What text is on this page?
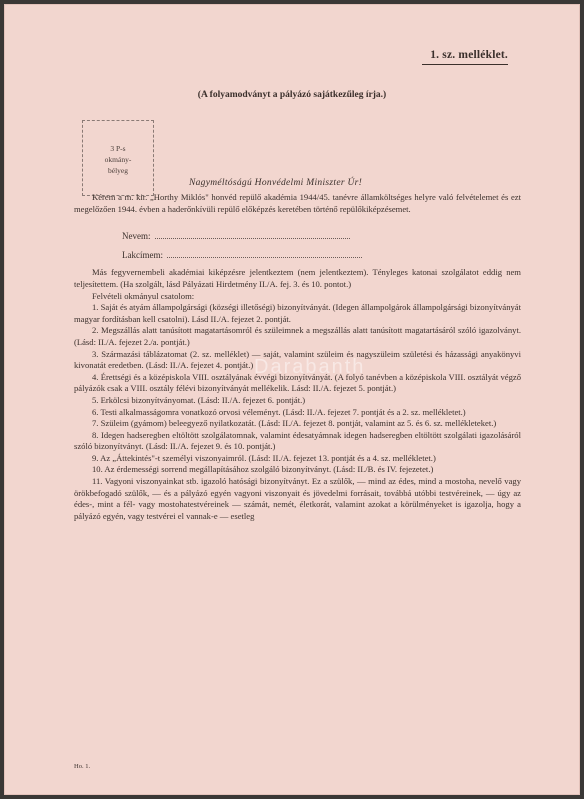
1. sz. melléklet.
(A folyamodványt a pályázó sajátkezűleg írja.)
3 P-s
okmány-
bélyeg
Nagyméltóságú Honvédelmi Miniszter Úr!

Kérem a m. kir. „Horthy Miklós" honvéd repülő akadémia 1944/45. tanévre államköltséges helyre való felvételemet és ezt megelőzően 1944. évben a haderőnkívüli repülő előképzés keretében történő repülőkiképzésemet.

Nevem:
Lakcímem:

Más fegyvernembeli akadémiai kiképzésre jelentkeztem (nem jelentkeztem). Tényleges katonai szolgálatot eddig nem teljesítettem. (Ha szolgált, lásd Pályázati Hirdetmény II./A. fej. 3. és 10. pontot.)

Felvételi okmányul csatolom:

1. Saját és atyám állampolgársági (községi illetőségi) bizonyítványát. (Idegen állampolgárok állampolgársági bizonyítványát magyar fordításban kell csatolni). Lásd II./A. fejezet 2. pontját.

2. Megszállás alatt tanúsított magatartásomról és szüleimnek a megszállás alatt tanúsított magatartásáról szóló igazolványt. (Lásd: II./A. fejezet 2./a. pontját.)

3. Származási táblázatomat (2. sz. melléklet) — saját, valamint szüleim és nagyszüleim születési és házassági anyakönyvi kivonatát eredetben. (Lásd: II./A. fejezet 4. pontját.)

4. Érettségi és a középiskola VIII. osztályának évvégi bizonyítványát. (A folyó tanévben a középiskola VIII. osztályát végző pályázók csak a VIII. osztály félévi bizonyítványát mellékelik. Lásd: II./A. fejezet 5. pontját.)

5. Erkölcsi bizonyítványomat. (Lásd: II./A. fejezet 6. pontját.)

6. Testi alkalmasságomra vonatkozó orvosi véleményt. (Lásd: II./A. fejezet 7. pontját és a 2. sz. mellékletet.)

7. Szüleim (gyámom) beleegyező nyilatkozatát. (Lásd: II./A. fejezet 8. pontját, valamint az 5. és 6. sz. mellékleteket.)

8. Idegen hadseregben eltöltött szolgálatomnak, valamint édesatyámnak idegen hadseregben eltöltött szolgálati igazolásáról szóló bizonyítványt. (Lásd: II./A. fejezet 9. és 10. pontját.)

9. Az „Áttekintés"-t személyi viszonyaimról. (Lásd: II./A. fejezet 13. pontját és a 4. sz. mellékletet.)

10. Az érdemességi sorrend megállapításához szolgáló bizonyítványt. (Lásd: II./B. és IV. fejezetet.)

11. Vagyoni viszonyainkat stb. igazoló hatósági bizonyítványt. Ez a szülők, — mind az édes, mind a mostoha, nevelő vagy örökbefogadó szülők, — és a pályázó egyén vagyoni viszonyait és jövedelmi forrásait, továbbá utóbbi testvéreinek, — úgy az édes-, mint a fél- vagy mostohatestvéreinek — számát, nemét, életkorát, valamint azokat a körülményeket is igazolja, hogy a pályázó egyén, vagy testvérei el vannak-e — esetleg

Ho. 1.
Darabanth
